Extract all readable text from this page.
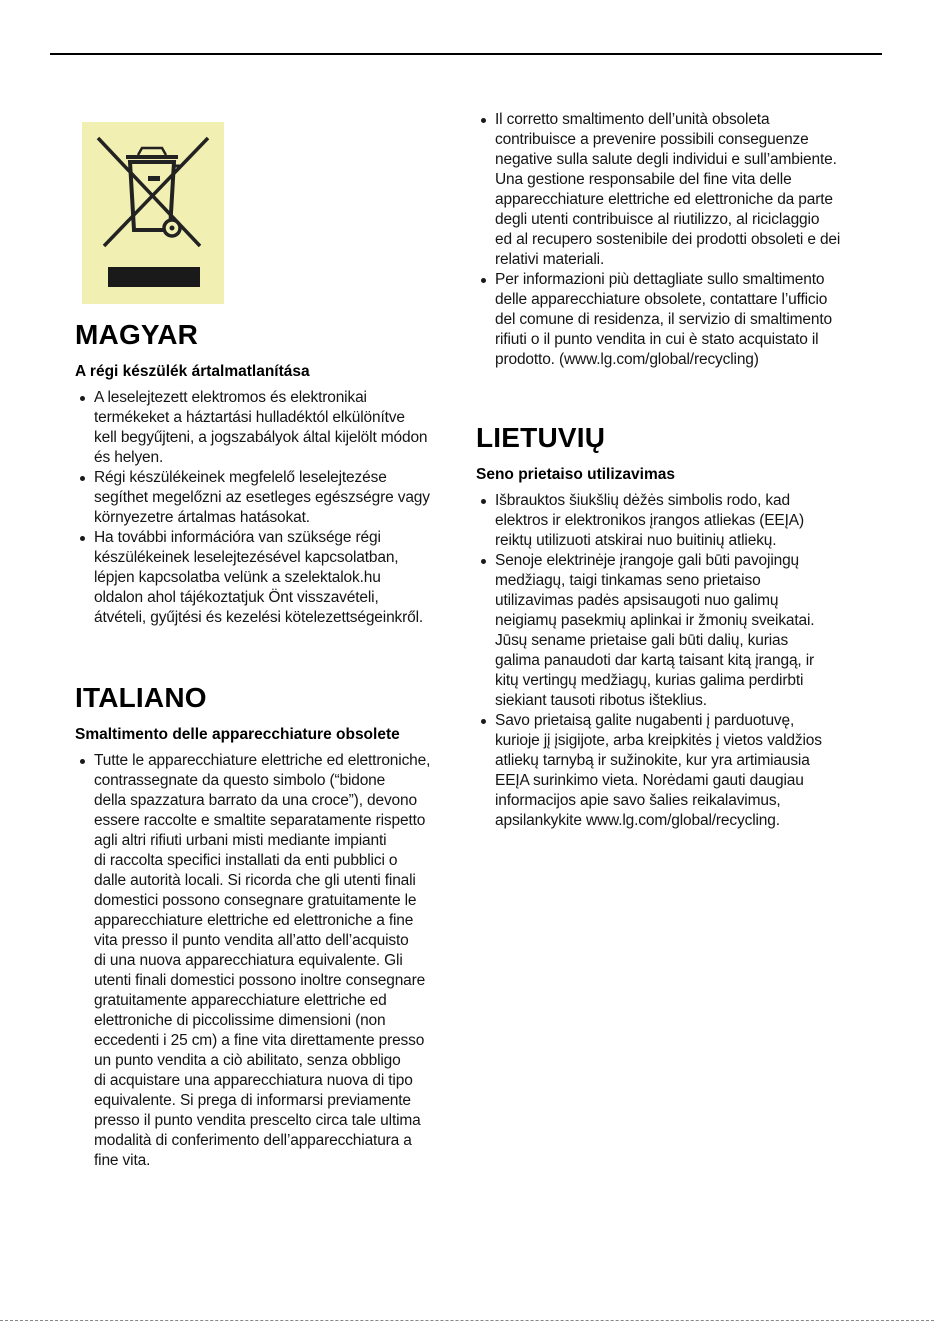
MAGYAR
A régi készülék ártalmatlanítása
A leselejtezett elektromos és elektronikai
termékeket a háztartási hulladéktól elkülönítve
kell begyűjteni, a jogszabályok által kijelölt módon
és helyen.
Régi készülékeinek megfelelő leselejtezése
segíthet megelőzni az esetleges egészségre vagy
környezetre ártalmas hatásokat.
Ha további információra van szüksége régi
készülékeinek leselejtezésével kapcsolatban,
lépjen kapcsolatba velünk a szelektalok.hu
oldalon ahol tájékoztatjuk Önt visszavételi,
átvételi, gyűjtési és kezelési kötelezettségeinkről.
ITALIANO
Smaltimento delle apparecchiature obsolete
Tutte le apparecchiature elettriche ed elettroniche,
contrassegnate da questo simbolo (“bidone
della spazzatura barrato da una croce”), devono
essere raccolte e smaltite separatamente rispetto
agli altri rifiuti urbani misti mediante impianti
di raccolta specifici installati da enti pubblici o
dalle autorità locali. Si ricorda che gli utenti finali
domestici possono consegnare gratuitamente le
apparecchiature elettriche ed elettroniche a fine
vita presso il punto vendita all’atto dell’acquisto
di una nuova apparecchiatura equivalente. Gli
utenti finali domestici possono inoltre consegnare
gratuitamente apparecchiature elettriche ed
elettroniche di piccolissime dimensioni (non
eccedenti i 25 cm) a fine vita direttamente presso
un punto vendita a ciò abilitato, senza obbligo
di acquistare una apparecchiatura nuova di tipo
equivalente. Si prega di informarsi previamente
presso il punto vendita prescelto circa tale ultima
modalità di conferimento dell’apparecchiatura a
fine vita.
Il corretto smaltimento dell’unità obsoleta
contribuisce a prevenire possibili conseguenze
negative sulla salute degli individui e sull’ambiente.
Una gestione responsabile del fine vita delle
apparecchiature elettriche ed elettroniche da parte
degli utenti contribuisce al riutilizzo, al riciclaggio
ed al recupero sostenibile dei prodotti obsoleti e dei
relativi materiali.
Per informazioni più dettagliate sullo smaltimento
delle apparecchiature obsolete, contattare l’ufficio
del comune di residenza, il servizio di smaltimento
rifiuti o il punto vendita in cui è stato acquistato il
prodotto. (www.lg.com/global/recycling)
LIETUVIŲ
Seno prietaiso utilizavimas
Išbrauktos šiukšlių dėžės simbolis rodo, kad
elektros ir elektronikos įrangos atliekas (EEĮA)
reiktų utilizuoti atskirai nuo buitinių atliekų.
Senoje elektrinėje įrangoje gali būti pavojingų
medžiagų, taigi tinkamas seno prietaiso
utilizavimas padės apsisaugoti nuo galimų
neigiamų pasekmių aplinkai ir žmonių sveikatai.
Jūsų sename prietaise gali būti dalių, kurias
galima panaudoti dar kartą taisant kitą įrangą, ir
kitų vertingų medžiagų, kurias galima perdirbti
siekiant tausoti ribotus išteklius.
Savo prietaisą galite nugabenti į parduotuvę,
kurioje jį įsigijote, arba kreipkitės į vietos valdžios
atliekų tarnybą ir sužinokite, kur yra artimiausia
EEĮA surinkimo vieta. Norėdami gauti daugiau
informacijos apie savo šalies reikalavimus,
apsilankykite www.lg.com/global/recycling.
